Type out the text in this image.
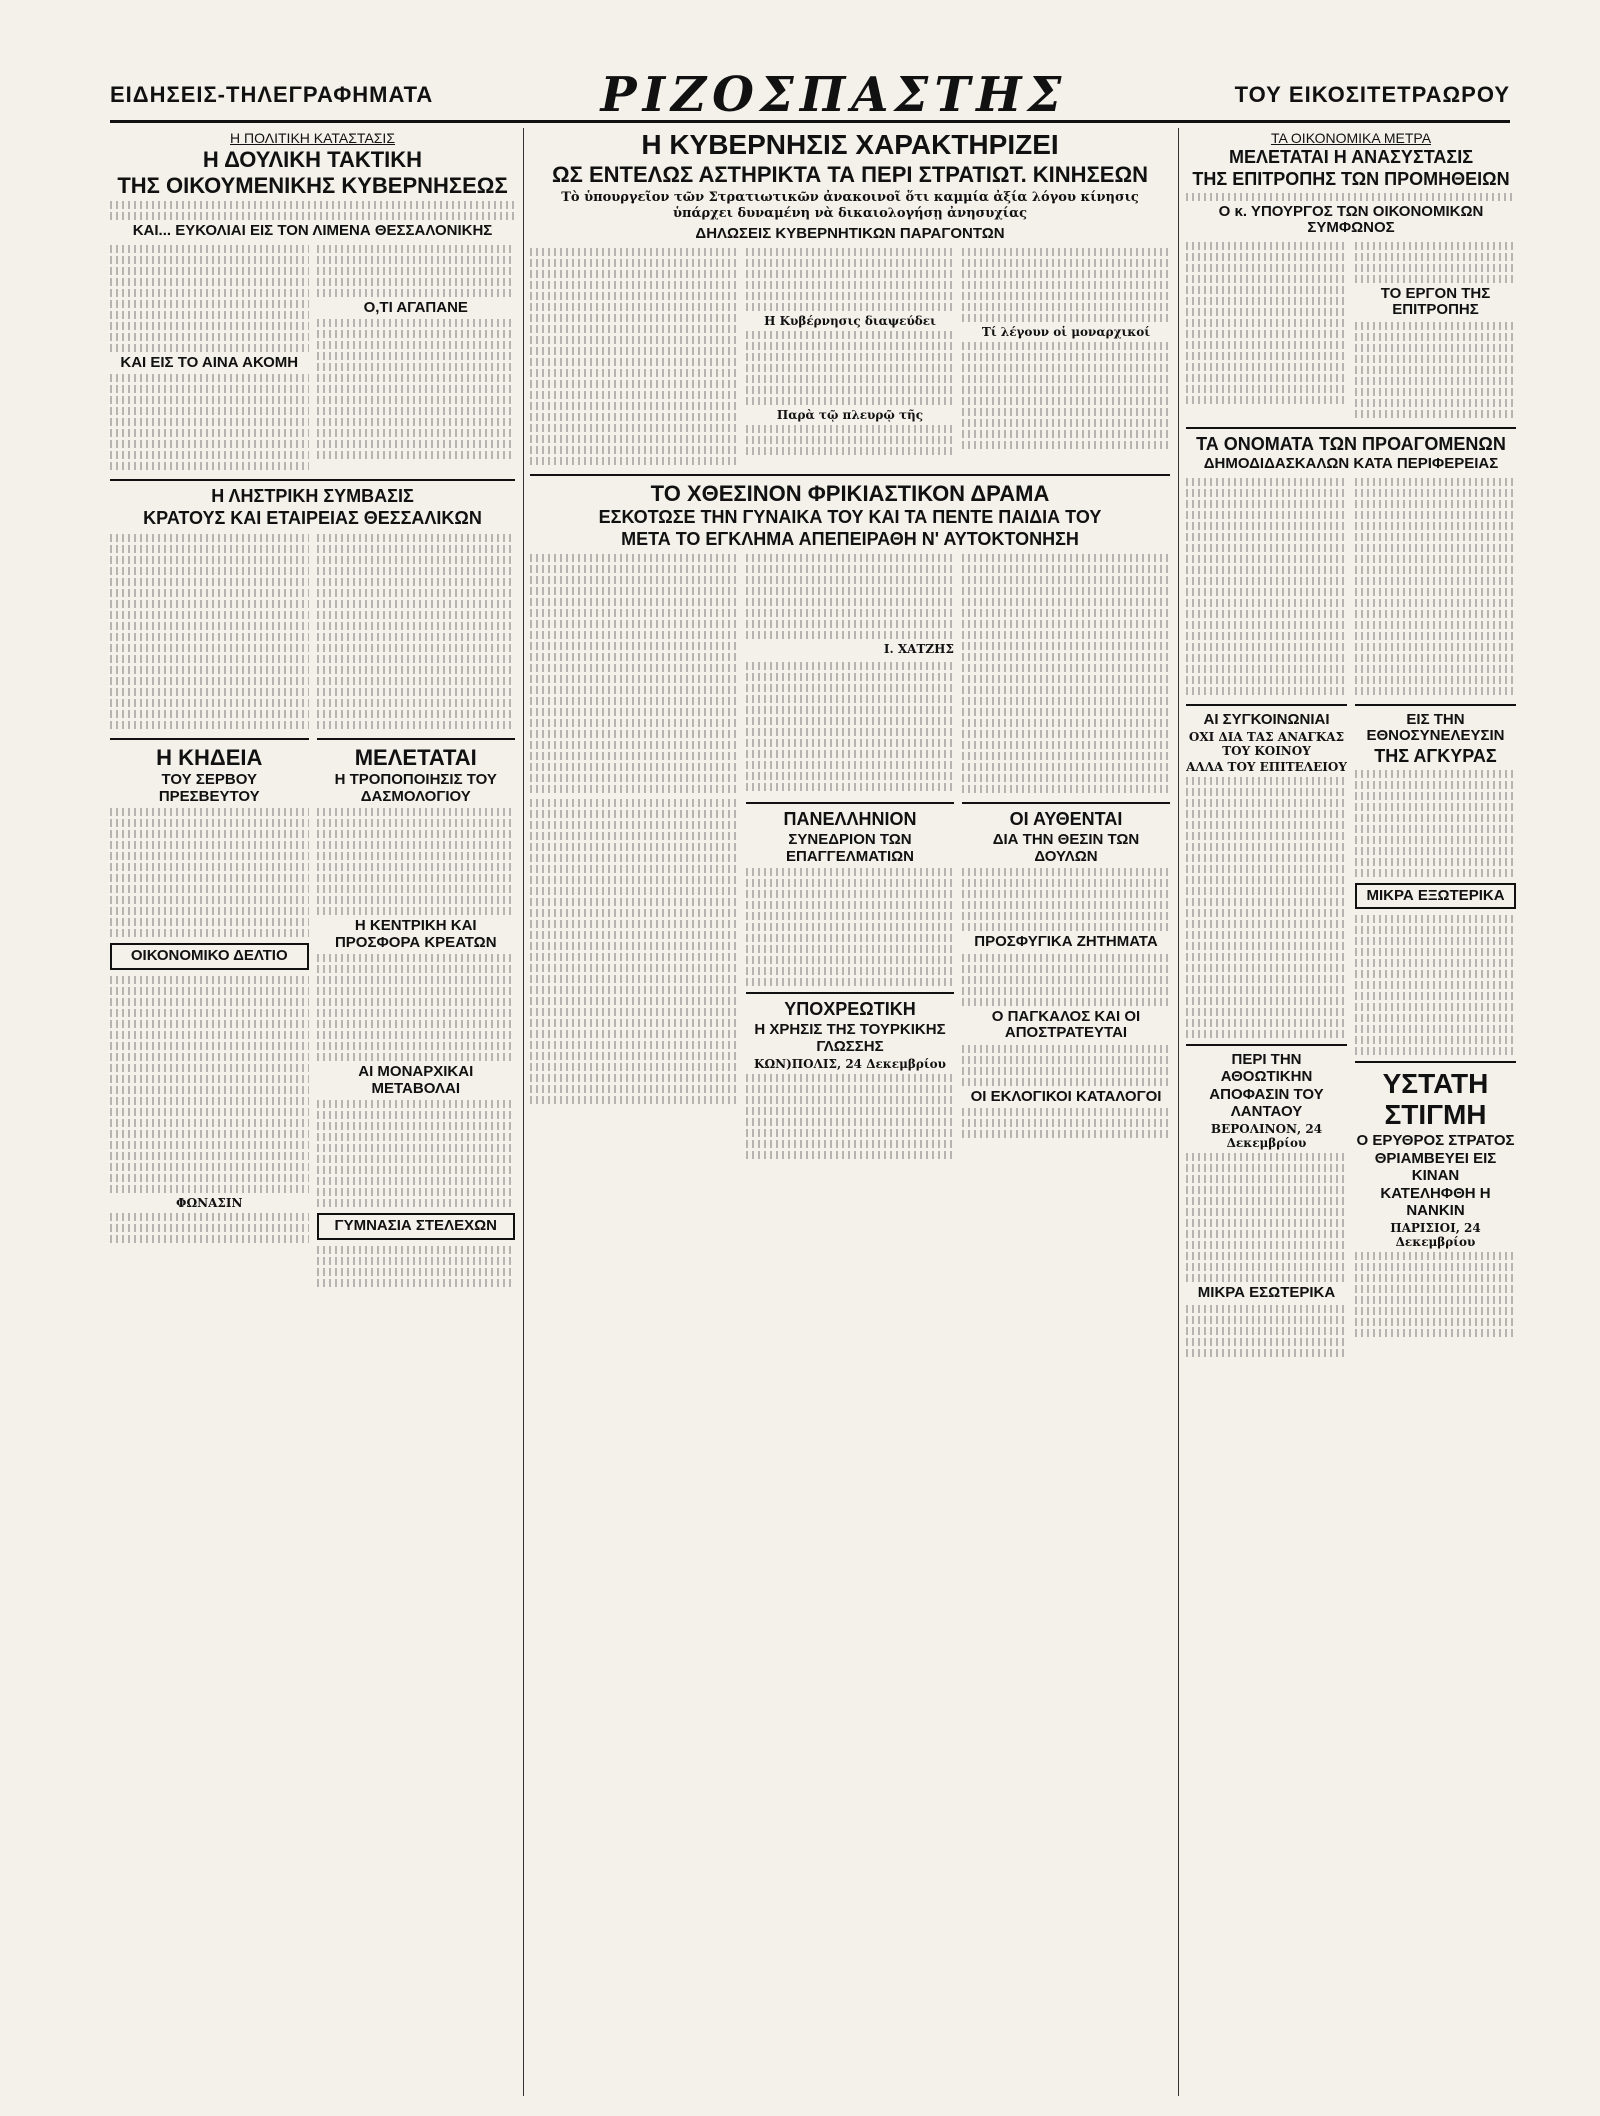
ΕΙΔΗΣΕΙΣ-ΤΗΛΕΓΡΑΦΗΜΑΤΑ	ΡΙΖΟΣΠΑΣΤΗΣ	ΤΟΥ ΕΙΚΟΣΙΤΕΤΡΑΩΡΟΥ
Η ΠΟΛΙΤΙΚΗ ΚΑΤΑΣΤΑΣΙΣ
Η ΔΟΥΛΙΚΗ ΤΑΚΤΙΚΗ
ΤΗΣ ΟΙΚΟΥΜΕΝΙΚΗΣ ΚΥΒΕΡΝΗΣΕΩΣ
ΚΑΙ... ΕΥΚΟΛΙΑΙ ΕΙΣ ΤΟΝ ΛΙΜΕΝΑ ΘΕΣΣΑΛΟΝΙΚΗΣ
ΚΑΙ ΕΙΣ ΤΟ ΑΙΝΑ ΑΚΟΜΗ
Ο,ΤΙ ΑΓΑΠΑΝΕ
Η ΛΗΣΤΡΙΚΗ ΣΥΜΒΑΣΙΣ
ΚΡΑΤΟΥΣ ΚΑΙ ΕΤΑΙΡΕΙΑΣ ΘΕΣΣΑΛΙΚΩΝ
Η ΚΗΔΕΙΑ
ΤΟΥ ΣΕΡΒΟΥ ΠΡΕΣΒΕΥΤΟΥ
ΟΙΚΟΝΟΜΙΚΟ ΔΕΛΤΙΟ
ΦΩΝΑΣΙΝ
ΜΕΛΕΤΑΤΑΙ
Η ΤΡΟΠΟΠΟΙΗΣΙΣ ΤΟΥ ΔΑΣΜΟΛΟΓΙΟΥ
Η ΚΕΝΤΡΙΚΗ ΚΑΙ ΠΡΟΣΦΟΡΑ ΚΡΕΑΤΩΝ
ΑΙ ΜΟΝΑΡΧΙΚΑΙ ΜΕΤΑΒΟΛΑΙ
ΓΥΜΝΑΣΙΑ ΣΤΕΛΕΧΩΝ
Η ΚΥΒΕΡΝΗΣΙΣ ΧΑΡΑΚΤΗΡΙΖΕΙ
ΩΣ ΕΝΤΕΛΩΣ ΑΣΤΗΡΙΚΤΑ ΤΑ ΠΕΡΙ ΣΤΡΑΤΙΩΤ. ΚΙΝΗΣΕΩΝ
Τὸ ὑπουργεῖον τῶν Στρατιωτικῶν ἀνακοινοῖ ὅτι καμμία ἀξία λόγου κίνησις ὑπάρχει δυναμένη νὰ δικαιολογήσῃ ἀνησυχίας
ΔΗΛΩΣΕΙΣ ΚΥΒΕΡΝΗΤΙΚΩΝ ΠΑΡΑΓΟΝΤΩΝ
Η Κυβέρνησις διαψεύδει
Παρὰ τῷ πλευρῷ τῆς
Τί λέγουν οἱ μοναρχικοί
ΤΟ ΧΘΕΣΙΝΟΝ ΦΡΙΚΙΑΣΤΙΚΟΝ ΔΡΑΜΑ
ΕΣΚΟΤΩΣΕ ΤΗΝ ΓΥΝΑΙΚΑ ΤΟΥ ΚΑΙ ΤΑ ΠΕΝΤΕ ΠΑΙΔΙΑ ΤΟΥ
ΜΕΤΑ ΤΟ ΕΓΚΛΗΜΑ ΑΠΕΠΕΙΡΑΘΗ Ν' ΑΥΤΟΚΤΟΝΗΣΗ
Ι. ΧΑΤΖΗΣ
ΠΑΝΕΛΛΗΝΙΟΝ
ΣΥΝΕΔΡΙΟΝ ΤΩΝ ΕΠΑΓΓΕΛΜΑΤΙΩΝ
ΥΠΟΧΡΕΩΤΙΚΗ
Η ΧΡΗΣΙΣ ΤΗΣ ΤΟΥΡΚΙΚΗΣ ΓΛΩΣΣΗΣ
ΚΩΝ)ΠΟΛΙΣ, 24 Δεκεμβρίου
ΟΙ ΑΥΘΕΝΤΑΙ
ΔΙΑ ΤΗΝ ΘΕΣΙΝ ΤΩΝ ΔΟΥΛΩΝ
ΠΡΟΣΦΥΓΙΚΑ ΖΗΤΗΜΑΤΑ
Ο ΠΑΓΚΑΛΟΣ ΚΑΙ ΟΙ ΑΠΟΣΤΡΑΤΕΥΤΑΙ
ΟΙ ΕΚΛΟΓΙΚΟΙ ΚΑΤΑΛΟΓΟΙ
ΤΑ ΟΙΚΟΝΟΜΙΚΑ ΜΕΤΡΑ
ΜΕΛΕΤΑΤΑΙ Η ΑΝΑΣΥΣΤΑΣΙΣ
ΤΗΣ ΕΠΙΤΡΟΠΗΣ ΤΩΝ ΠΡΟΜΗΘΕΙΩΝ
Ο κ. ΥΠΟΥΡΓΟΣ ΤΩΝ ΟΙΚΟΝΟΜΙΚΩΝ ΣΥΜΦΩΝΟΣ
ΤΟ ΕΡΓΟΝ ΤΗΣ ΕΠΙΤΡΟΠΗΣ
ΤΑ ΟΝΟΜΑΤΑ ΤΩΝ ΠΡΟΑΓΟΜΕΝΩΝ
ΔΗΜΟΔΙΔΑΣΚΑΛΩΝ ΚΑΤΑ ΠΕΡΙΦΕΡΕΙΑΣ
ΑΙ ΣΥΓΚΟΙΝΩΝΙΑΙ
ΟΧΙ ΔΙΑ ΤΑΣ ΑΝΑΓΚΑΣ ΤΟΥ ΚΟΙΝΟΥ
ΑΛΛΑ ΤΟΥ ΕΠΙΤΕΛΕΙΟΥ
ΠΕΡΙ ΤΗΝ ΑΘΟΩΤΙΚΗΝ
ΑΠΟΦΑΣΙΝ ΤΟΥ ΛΑΝΤΑΟΥ
ΒΕΡΟΛΙΝΟΝ, 24 Δεκεμβρίου
ΜΙΚΡΑ ΕΣΩΤΕΡΙΚΑ
ΕΙΣ ΤΗΝ ΕΘΝΟΣΥΝΕΛΕΥΣΙΝ
ΤΗΣ ΑΓΚΥΡΑΣ
ΜΙΚΡΑ ΕΞΩΤΕΡΙΚΑ
ΥΣΤΑΤΗ ΣΤΙΓΜΗ
Ο ΕΡΥΘΡΟΣ ΣΤΡΑΤΟΣ
ΘΡΙΑΜΒΕΥΕΙ ΕΙΣ ΚΙΝΑΝ
ΚΑΤΕΛΗΦΘΗ Η ΝΑΝΚΙΝ
ΠΑΡΙΣΙΟΙ, 24 Δεκεμβρίου
